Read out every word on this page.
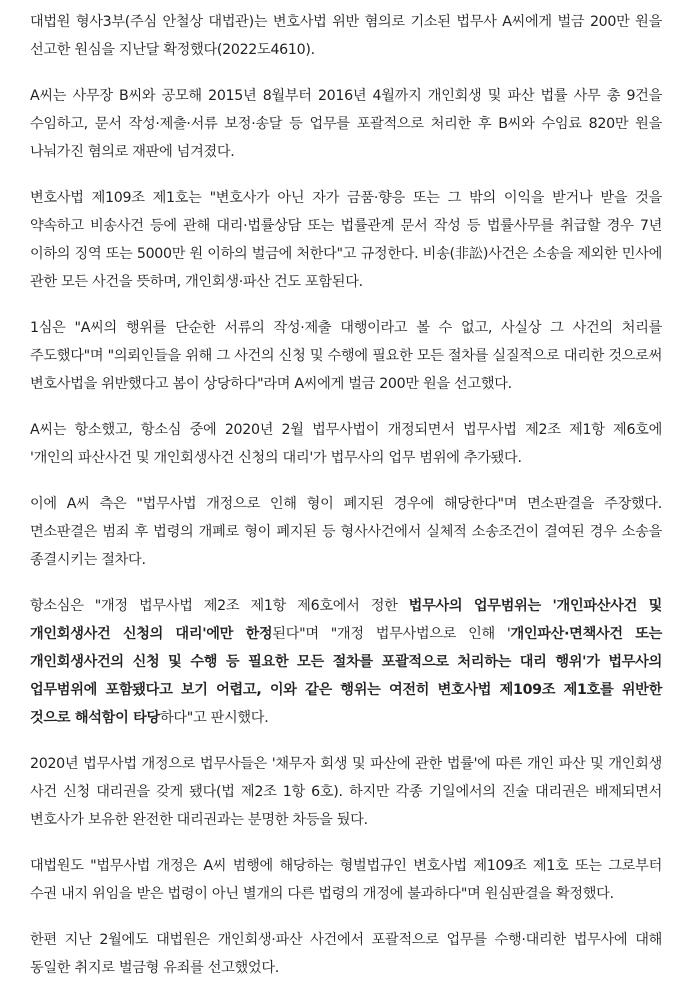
대법원 형사3부(주심 안철상 대법관)는 변호사법 위반 혐의로 기소된 법무사 A씨에게 벌금 200만 원을 선고한 원심을 지난달 확정했다(2022도4610).

A씨는 사무장 B씨와 공모해 2015년 8월부터 2016년 4월까지 개인회생 및 파산 법률 사무 총 9건을 수임하고, 문서 작성·제출·서류 보정·송달 등 업무를 포괄적으로 처리한 후 B씨와 수임료 820만 원을 나눠가진 혐의로 재판에 넘겨졌다.

변호사법 제109조 제1호는 "변호사가 아닌 자가 금품·향응 또는 그 밖의 이익을 받거나 받을 것을 약속하고 비송사건 등에 관해 대리·법률상담 또는 법률관계 문서 작성 등 법률사무를 취급할 경우 7년 이하의 징역 또는 5000만 원 이하의 벌금에 처한다"고 규정한다. 비송(非訟)사건은 소송을 제외한 민사에 관한 모든 사건을 뜻하며, 개인회생·파산 건도 포함된다.

1심은 "A씨의 행위를 단순한 서류의 작성·제출 대행이라고 볼 수 없고, 사실상 그 사건의 처리를 주도했다"며 "의뢰인들을 위해 그 사건의 신청 및 수행에 필요한 모든 절차를 실질적으로 대리한 것으로써 변호사법을 위반했다고 봄이 상당하다"라며 A씨에게 벌금 200만 원을 선고했다.

A씨는 항소했고, 항소심 중에 2020년 2월 법무사법이 개정되면서 법무사법 제2조 제1항 제6호에 '개인의 파산사건 및 개인회생사건 신청의 대리'가 법무사의 업무 범위에 추가됐다.

이에 A씨 측은 "법무사법 개정으로 인해 형이 폐지된 경우에 해당한다"며 면소판결을 주장했다. 면소판결은 범죄 후 법령의 개폐로 형이 폐지된 등 형사사건에서 실체적 소송조건이 결여된 경우 소송을 종결시키는 절차다.

항소심은 "개정 법무사법 제2조 제1항 제6호에서 정한 법무사의 업무범위는 '개인파산사건 및 개인회생사건 신청의 대리'에만 한정된다"며 "개정 법무사법으로 인해 '개인파산·면책사건 또는 개인회생사건의 신청 및 수행 등 필요한 모든 절차를 포괄적으로 처리하는 대리 행위'가 법무사의 업무범위에 포함됐다고 보기 어렵고, 이와 같은 행위는 여전히 변호사법 제109조 제1호를 위반한 것으로 해석함이 타당하다"고 판시했다.

2020년 법무사법 개정으로 법무사들은 '채무자 회생 및 파산에 관한 법률'에 따른 개인 파산 및 개인회생 사건 신청 대리권을 갖게 됐다(법 제2조 1항 6호). 하지만 각종 기일에서의 진술 대리권은 배제되면서 변호사가 보유한 완전한 대리권과는 분명한 차등을 뒀다.

대법원도 "법무사법 개정은 A씨 범행에 해당하는 형벌법규인 변호사법 제109조 제1호 또는 그로부터 수권 내지 위임을 받은 법령이 아닌 별개의 다른 법령의 개정에 불과하다"며 원심판결을 확정했다.

한편 지난 2월에도 대법원은 개인회생·파산 사건에서 포괄적으로 업무를 수행·대리한 법무사에 대해 동일한 취지로 벌금형 유죄를 선고했었다.
